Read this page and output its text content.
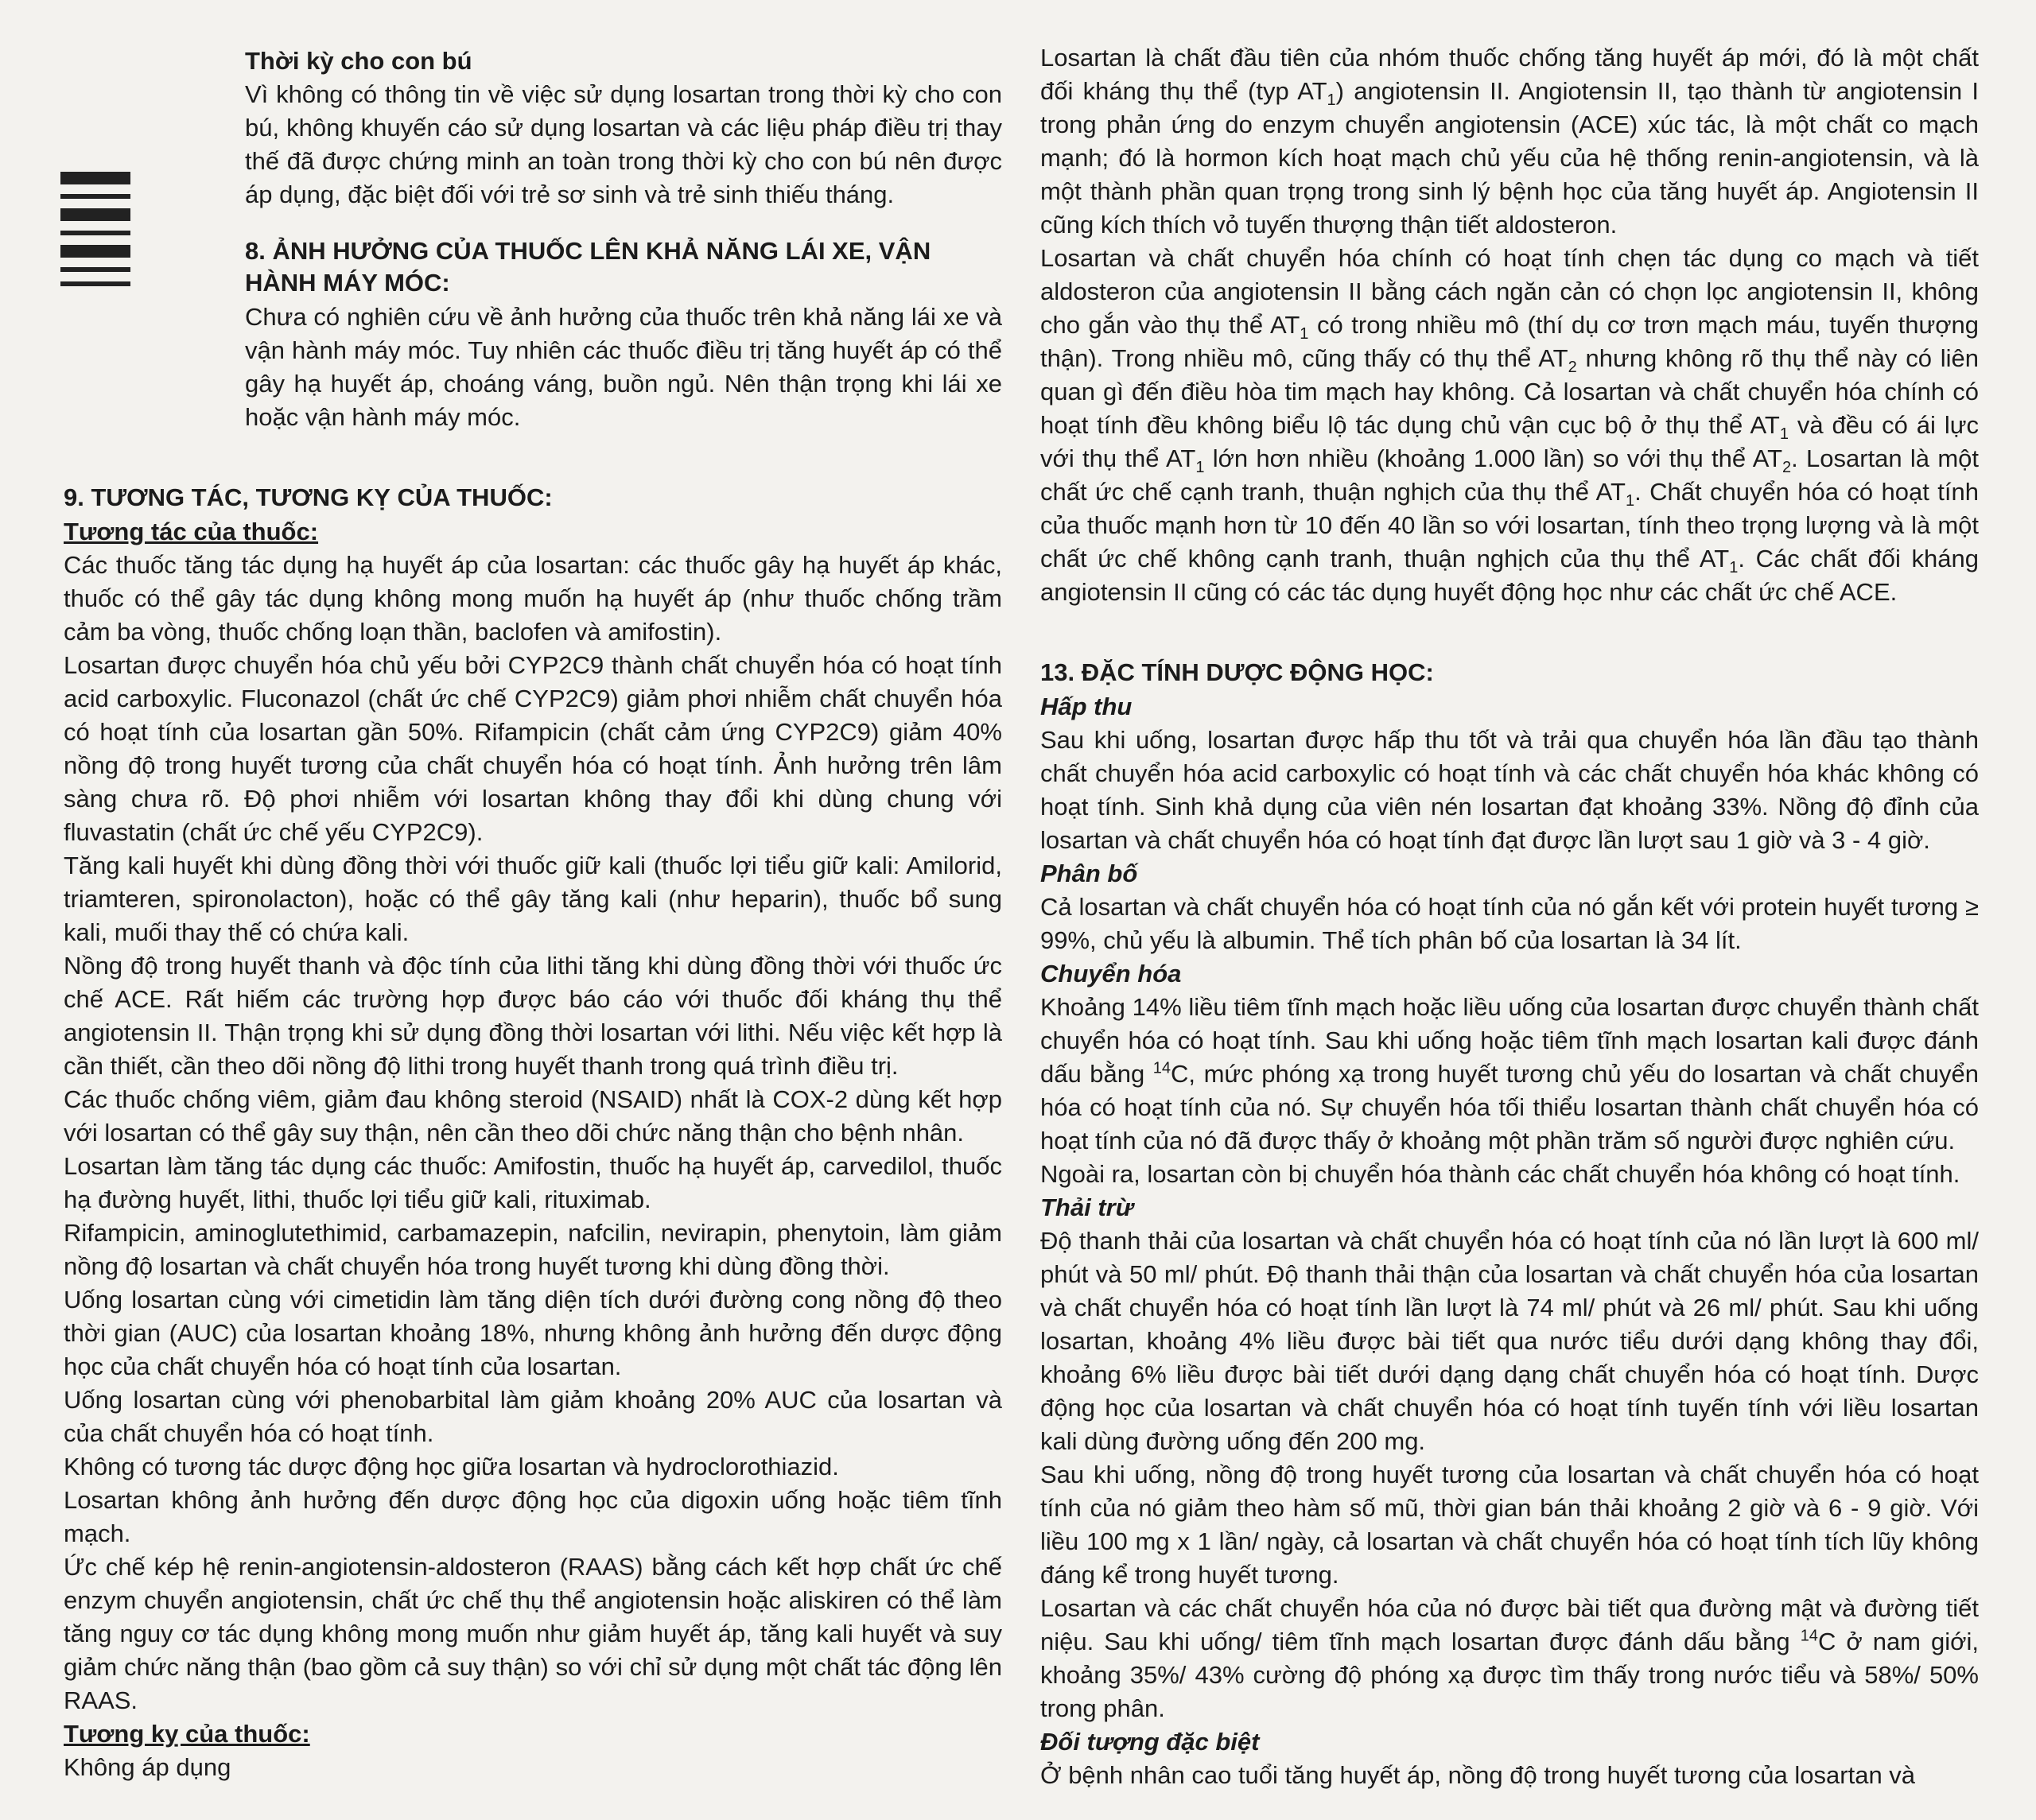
Thời kỳ cho con bú

Vì không có thông tin về việc sử dụng losartan trong thời kỳ cho con bú, không khuyến cáo sử dụng losartan và các liệu pháp điều trị thay thế đã được chứng minh an toàn trong thời kỳ cho con bú nên được áp dụng, đặc biệt đối với trẻ sơ sinh và trẻ sinh thiếu tháng.

8. ẢNH HƯỞNG CỦA THUỐC LÊN KHẢ NĂNG LÁI XE, VẬN HÀNH MÁY MÓC:

Chưa có nghiên cứu về ảnh hưởng của thuốc trên khả năng lái xe và vận hành máy móc. Tuy nhiên các thuốc điều trị tăng huyết áp có thể gây hạ huyết áp, choáng váng, buồn ngủ. Nên thận trọng khi lái xe hoặc vận hành máy móc.

9. TƯƠNG TÁC, TƯƠNG KỴ CỦA THUỐC:
Tương tác của thuốc:

Các thuốc tăng tác dụng hạ huyết áp của losartan: các thuốc gây hạ huyết áp khác, thuốc có thể gây tác dụng không mong muốn hạ huyết áp (như thuốc chống trầm cảm ba vòng, thuốc chống loạn thần, baclofen và amifostin).

Losartan được chuyển hóa chủ yếu bởi CYP2C9 thành chất chuyển hóa có hoạt tính acid carboxylic. Fluconazol (chất ức chế CYP2C9) giảm phơi nhiễm chất chuyển hóa có hoạt tính của losartan gần 50%. Rifampicin (chất cảm ứng CYP2C9) giảm 40% nồng độ trong huyết tương của chất chuyển hóa có hoạt tính. Ảnh hưởng trên lâm sàng chưa rõ. Độ phơi nhiễm với losartan không thay đổi khi dùng chung với fluvastatin (chất ức chế yếu CYP2C9).

Tăng kali huyết khi dùng đồng thời với thuốc giữ kali (thuốc lợi tiểu giữ kali: Amilorid, triamteren, spironolacton), hoặc có thể gây tăng kali (như heparin), thuốc bổ sung kali, muối thay thế có chứa kali.

Nồng độ trong huyết thanh và độc tính của lithi tăng khi dùng đồng thời với thuốc ức chế ACE. Rất hiếm các trường hợp được báo cáo với thuốc đối kháng thụ thể angiotensin II. Thận trọng khi sử dụng đồng thời losartan với lithi. Nếu việc kết hợp là cần thiết, cần theo dõi nồng độ lithi trong huyết thanh trong quá trình điều trị.

Các thuốc chống viêm, giảm đau không steroid (NSAID) nhất là COX-2 dùng kết hợp với losartan có thể gây suy thận, nên cần theo dõi chức năng thận cho bệnh nhân.

Losartan làm tăng tác dụng các thuốc: Amifostin, thuốc hạ huyết áp, carvedilol, thuốc hạ đường huyết, lithi, thuốc lợi tiểu giữ kali, rituximab.

Rifampicin, aminoglutethimid, carbamazepin, nafcilin, nevirapin, phenytoin, làm giảm nồng độ losartan và chất chuyển hóa trong huyết tương khi dùng đồng thời.

Uống losartan cùng với cimetidin làm tăng diện tích dưới đường cong nồng độ theo thời gian (AUC) của losartan khoảng 18%, nhưng không ảnh hưởng đến dược động học của chất chuyển hóa có hoạt tính của losartan.

Uống losartan cùng với phenobarbital làm giảm khoảng 20% AUC của losartan và của chất chuyển hóa có hoạt tính.

Không có tương tác dược động học giữa losartan và hydroclorothiazid.

Losartan không ảnh hưởng đến dược động học của digoxin uống hoặc tiêm tĩnh mạch.

Ức chế kép hệ renin-angiotensin-aldosteron (RAAS) bằng cách kết hợp chất ức chế enzym chuyển angiotensin, chất ức chế thụ thể angiotensin hoặc aliskiren có thể làm tăng nguy cơ tác dụng không mong muốn như giảm huyết áp, tăng kali huyết và suy giảm chức năng thận (bao gồm cả suy thận) so với chỉ sử dụng một chất tác động lên RAAS.

Tương kỵ của thuốc:

Không áp dụng

Losartan là chất đầu tiên của nhóm thuốc chống tăng huyết áp mới, đó là một chất đối kháng thụ thể (typ $AT_1$) angiotensin II. Angiotensin II, tạo thành từ angiotensin I trong phản ứng do enzym chuyển angiotensin (ACE) xúc tác, là một chất co mạch mạnh; đó là hormon kích hoạt mạch chủ yếu của hệ thống renin-angiotensin, và là một thành phần quan trọng trong sinh lý bệnh học của tăng huyết áp. Angiotensin II cũng kích thích vỏ tuyến thượng thận tiết aldosteron.

Losartan và chất chuyển hóa chính có hoạt tính chẹn tác dụng co mạch và tiết aldosteron của angiotensin II bằng cách ngăn cản có chọn lọc angiotensin II, không cho gắn vào thụ thể $AT_1$ có trong nhiều mô (thí dụ cơ trơn mạch máu, tuyến thượng thận). Trong nhiều mô, cũng thấy có thụ thể $AT_2$ nhưng không rõ thụ thể này có liên quan gì đến điều hòa tim mạch hay không. Cả losartan và chất chuyển hóa chính có hoạt tính đều không biểu lộ tác dụng chủ vận cục bộ ở thụ thể $AT_1$ và đều có ái lực với thụ thể $AT_1$ lớn hơn nhiều (khoảng 1.000 lần) so với thụ thể $AT_2$. Losartan là một chất ức chế cạnh tranh, thuận nghịch của thụ thể $AT_1$. Chất chuyển hóa có hoạt tính của thuốc mạnh hơn từ 10 đến 40 lần so với losartan, tính theo trọng lượng và là một chất ức chế không cạnh tranh, thuận nghịch của thụ thể $AT_1$. Các chất đối kháng angiotensin II cũng có các tác dụng huyết động học như các chất ức chế ACE.

13. ĐẶC TÍNH DƯỢC ĐỘNG HỌC:
Hấp thu

Sau khi uống, losartan được hấp thu tốt và trải qua chuyển hóa lần đầu tạo thành chất chuyển hóa acid carboxylic có hoạt tính và các chất chuyển hóa khác không có hoạt tính. Sinh khả dụng của viên nén losartan đạt khoảng 33%. Nồng độ đỉnh của losartan và chất chuyển hóa có hoạt tính đạt được lần lượt sau 1 giờ và 3 - 4 giờ.

Phân bố

Cả losartan và chất chuyển hóa có hoạt tính của nó gắn kết với protein huyết tương ≥ 99%, chủ yếu là albumin. Thể tích phân bố của losartan là 34 lít.

Chuyển hóa

Khoảng 14% liều tiêm tĩnh mạch hoặc liều uống của losartan được chuyển thành chất chuyển hóa có hoạt tính. Sau khi uống hoặc tiêm tĩnh mạch losartan kali được đánh dấu bằng $^{14}$C, mức phóng xạ trong huyết tương chủ yếu do losartan và chất chuyển hóa có hoạt tính của nó. Sự chuyển hóa tối thiểu losartan thành chất chuyển hóa có hoạt tính của nó đã được thấy ở khoảng một phần trăm số người được nghiên cứu.

Ngoài ra, losartan còn bị chuyển hóa thành các chất chuyển hóa không có hoạt tính.

Thải trừ

Độ thanh thải của losartan và chất chuyển hóa có hoạt tính của nó lần lượt là 600 ml/ phút và 50 ml/ phút. Độ thanh thải thận của losartan và chất chuyển hóa của losartan và chất chuyển hóa có hoạt tính lần lượt là 74 ml/ phút và 26 ml/ phút. Sau khi uống losartan, khoảng 4% liều được bài tiết qua nước tiểu dưới dạng không thay đổi, khoảng 6% liều được bài tiết dưới dạng dạng chất chuyển hóa có hoạt tính. Dược động học của losartan và chất chuyển hóa có hoạt tính tuyến tính với liều losartan kali dùng đường uống đến 200 mg.

Sau khi uống, nồng độ trong huyết tương của losartan và chất chuyển hóa có hoạt tính của nó giảm theo hàm số mũ, thời gian bán thải khoảng 2 giờ và 6 - 9 giờ. Với liều 100 mg x 1 lần/ ngày, cả losartan và chất chuyển hóa có hoạt tính tích lũy không đáng kể trong huyết tương.

Losartan và các chất chuyển hóa của nó được bài tiết qua đường mật và đường tiết niệu. Sau khi uống/ tiêm tĩnh mạch losartan được đánh dấu bằng $^{14}$C ở nam giới, khoảng 35%/ 43% cường độ phóng xạ được tìm thấy trong nước tiểu và 58%/ 50% trong phân.

Đối tượng đặc biệt

Ở bệnh nhân cao tuổi tăng huyết áp, nồng độ trong huyết tương của losartan và
